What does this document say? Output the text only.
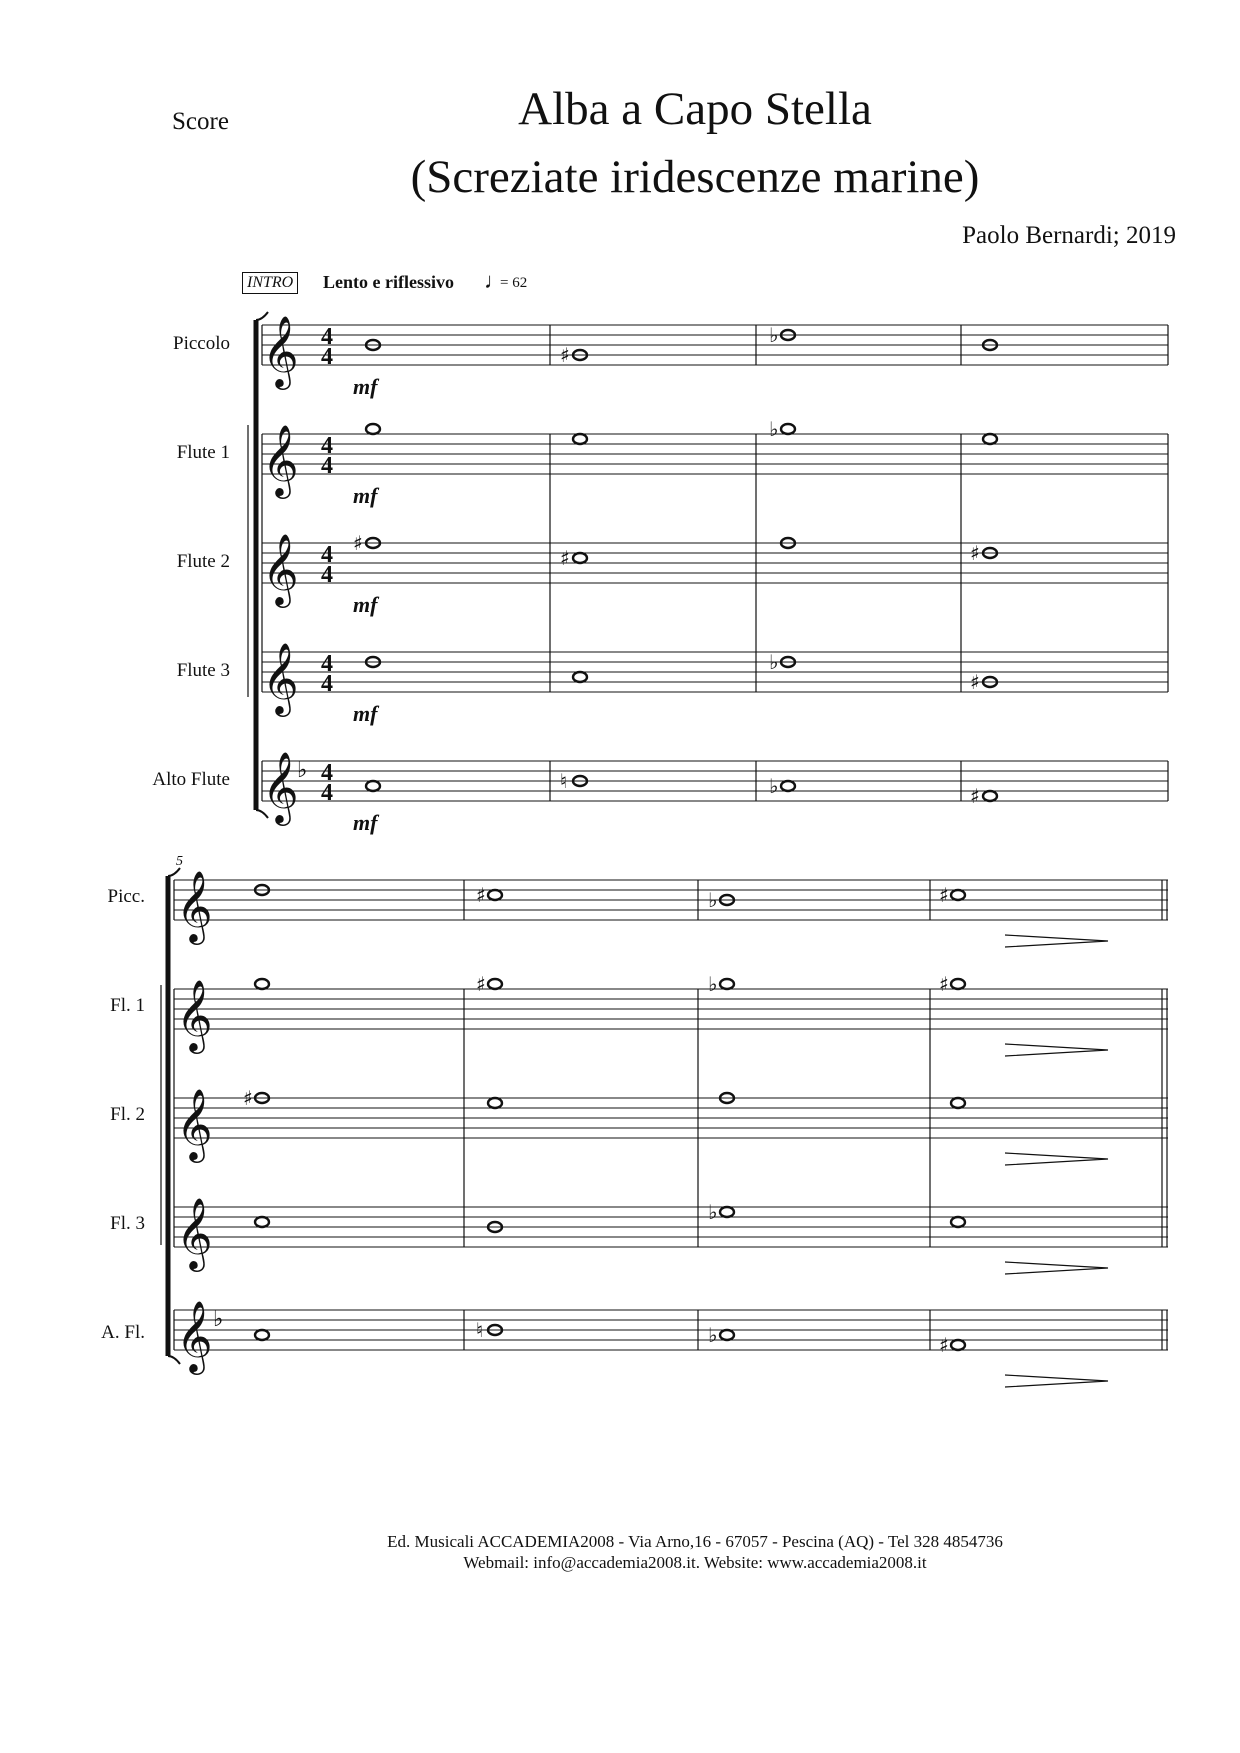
Score	Alba a Capo Stella
(Screziate iridescenze marine)
Paolo Bernardi; 2019
INTRO Lento e riflessivo ♩
= 62
Piccolo
Flute 1
Flute 2
Flute 3
Alto Flute
Picc.
Fl. 1
Fl. 2
Fl. 3
A. Fl.
𝄞
𝄞
𝄞
𝄞
𝄞
♭
4
4
4
4
4
4
4
4
4
4
mf
mf
mf
mf
mf
♯
♭
♭
♯
♯	♯
♭
♯
♮	♭	♯
𝄞
𝄞
𝄞
𝄞
𝄞 ♭
5
♯	♭	♯
♯	♭	♯
♯
♭
♮	♭	♯
Ed. Musicali ACCADEMIA2008 - Via Arno,16 - 67057 - Pescina (AQ) - Tel 328 4854736
Webmail: info@accademia2008.it. Website: www.accademia2008.it
